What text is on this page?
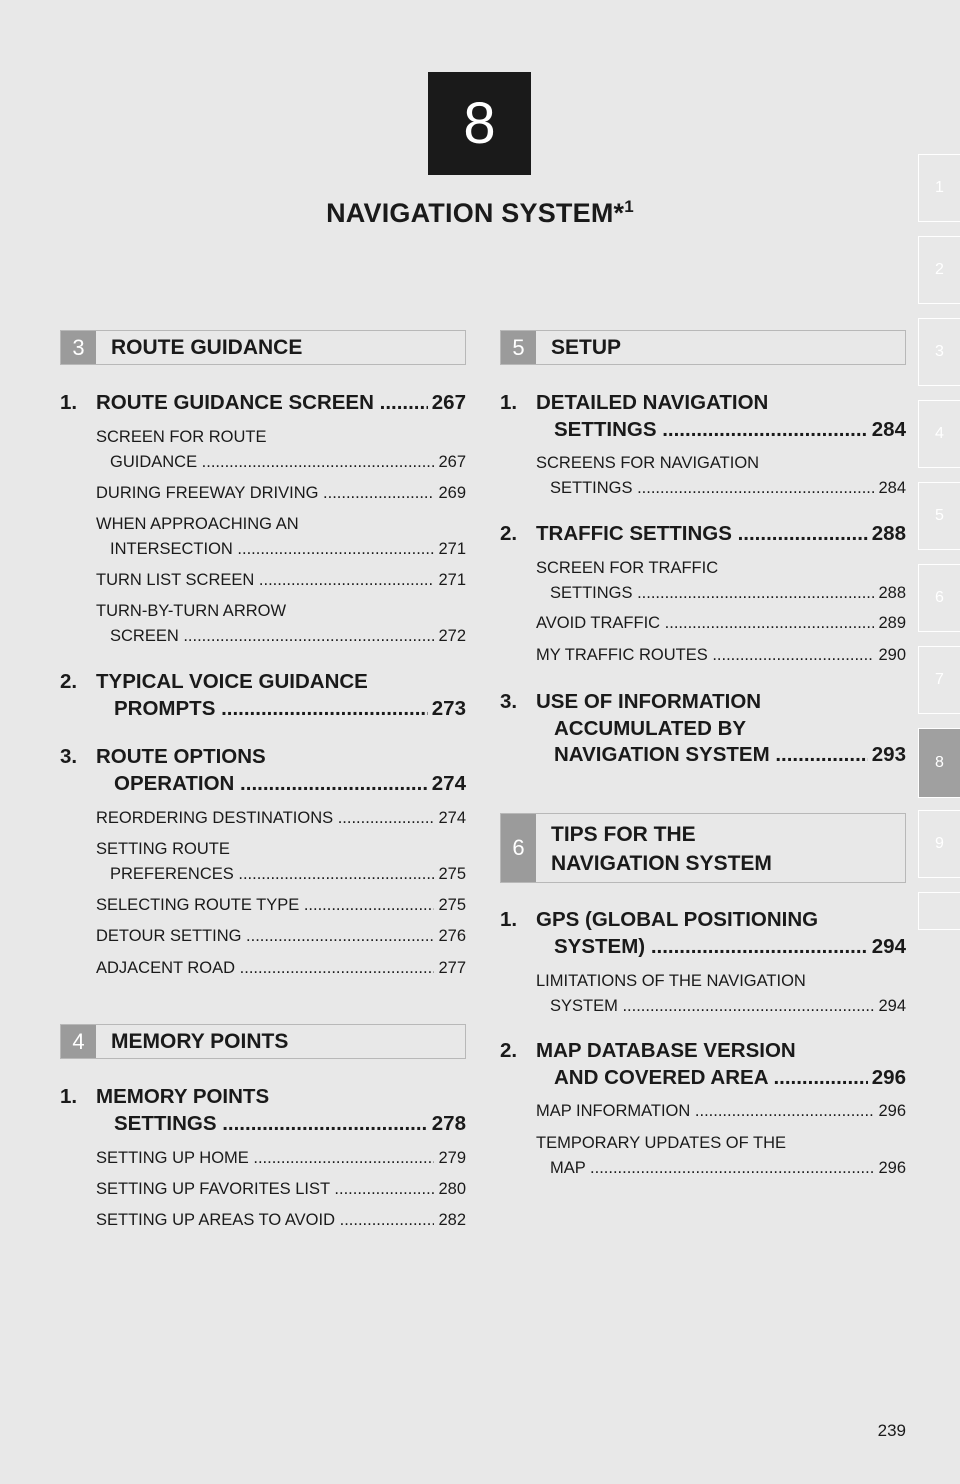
8
NAVIGATION SYSTEM*$^1$
1
2
3
4
5
6
7
8
9
3	ROUTE GUIDANCE
1. ROUTE GUIDANCE SCREEN .....	267
SCREEN FOR ROUTE
GUIDANCE .....	267
DURING FREEWAY DRIVING .....	269
WHEN APPROACHING AN
INTERSECTION .....	271
TURN LIST SCREEN .....	271
TURN-BY-TURN ARROW
SCREEN .....	272
2. TYPICAL VOICE GUIDANCE
PROMPTS .....	273
3. ROUTE OPTIONS
OPERATION .....	274
REORDERING DESTINATIONS .....	274
SETTING ROUTE
PREFERENCES .....	275
SELECTING ROUTE TYPE .....	275
DETOUR SETTING .....	276
ADJACENT ROAD .....	277
4	MEMORY POINTS
1. MEMORY POINTS
SETTINGS .....	278
SETTING UP HOME .....	279
SETTING UP FAVORITES LIST .....	280
SETTING UP AREAS TO AVOID .....	282
5	SETUP
1. DETAILED NAVIGATION
SETTINGS .....	284
SCREENS FOR NAVIGATION
SETTINGS .....	284
2. TRAFFIC SETTINGS .....	288
SCREEN FOR TRAFFIC
SETTINGS .....	288
AVOID TRAFFIC .....	289
MY TRAFFIC ROUTES .....	290
3. USE OF INFORMATION
ACCUMULATED BY
NAVIGATION SYSTEM .....	293
6
TIPS FOR THE
NAVIGATION SYSTEM
1. GPS (GLOBAL POSITIONING
SYSTEM) .....	294
LIMITATIONS OF THE NAVIGATION
SYSTEM .....	294
2. MAP DATABASE VERSION
AND COVERED AREA .....	296
MAP INFORMATION .....	296
TEMPORARY UPDATES OF THE
MAP .....	296
239
